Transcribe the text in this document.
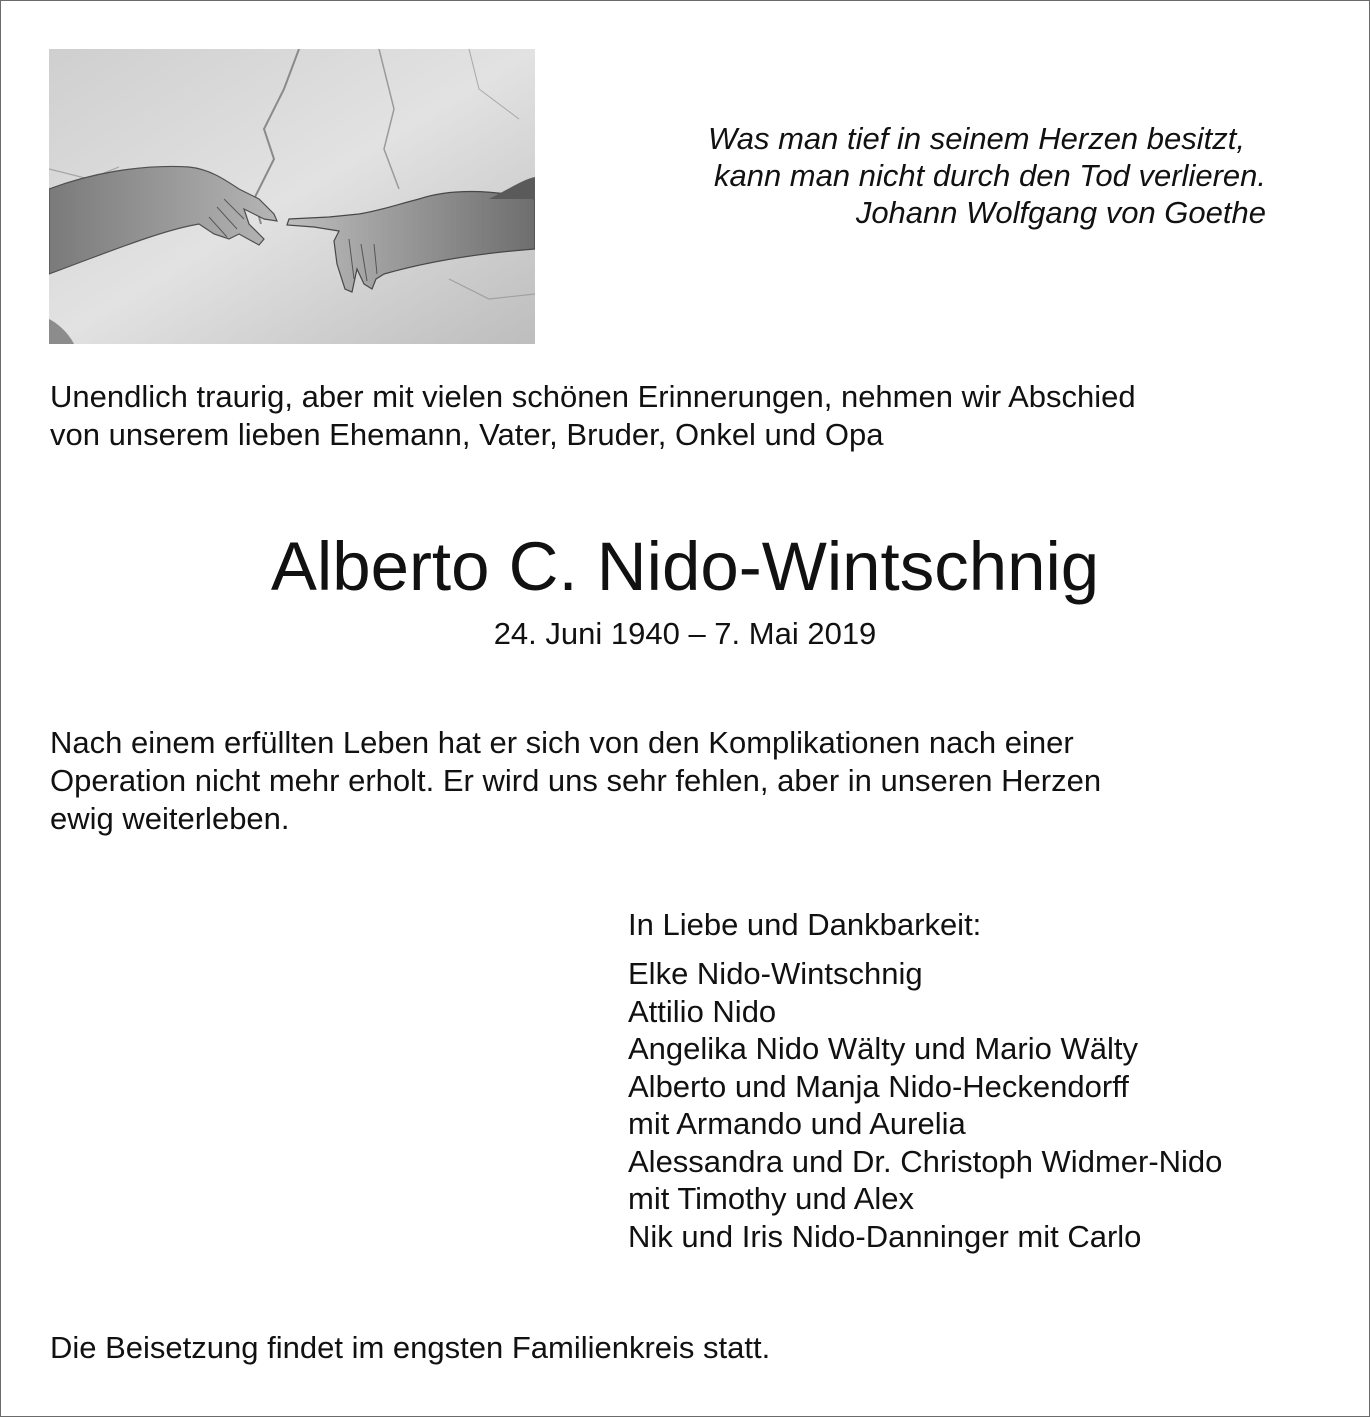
Was man tief in seinem Herzen besitzt,
kann man nicht durch den Tod verlieren.
Johann Wolfgang von Goethe
Unendlich traurig, aber mit vielen schönen Erinnerungen, nehmen wir Abschied
von unserem lieben Ehemann, Vater, Bruder, Onkel und Opa
Alberto C. Nido-Wintschnig
24. Juni 1940 – 7. Mai 2019
Nach einem erfüllten Leben hat er sich von den Komplikationen nach einer
Operation nicht mehr erholt. Er wird uns sehr fehlen, aber in unseren Herzen
ewig weiterleben.
In Liebe und Dankbarkeit:
Elke Nido-Wintschnig
Attilio Nido
Angelika Nido Wälty und Mario Wälty
Alberto und Manja Nido-Heckendorff
mit Armando und Aurelia
Alessandra und Dr. Christoph Widmer-Nido
mit Timothy und Alex
Nik und Iris Nido-Danninger mit Carlo
Die Beisetzung findet im engsten Familienkreis statt.
